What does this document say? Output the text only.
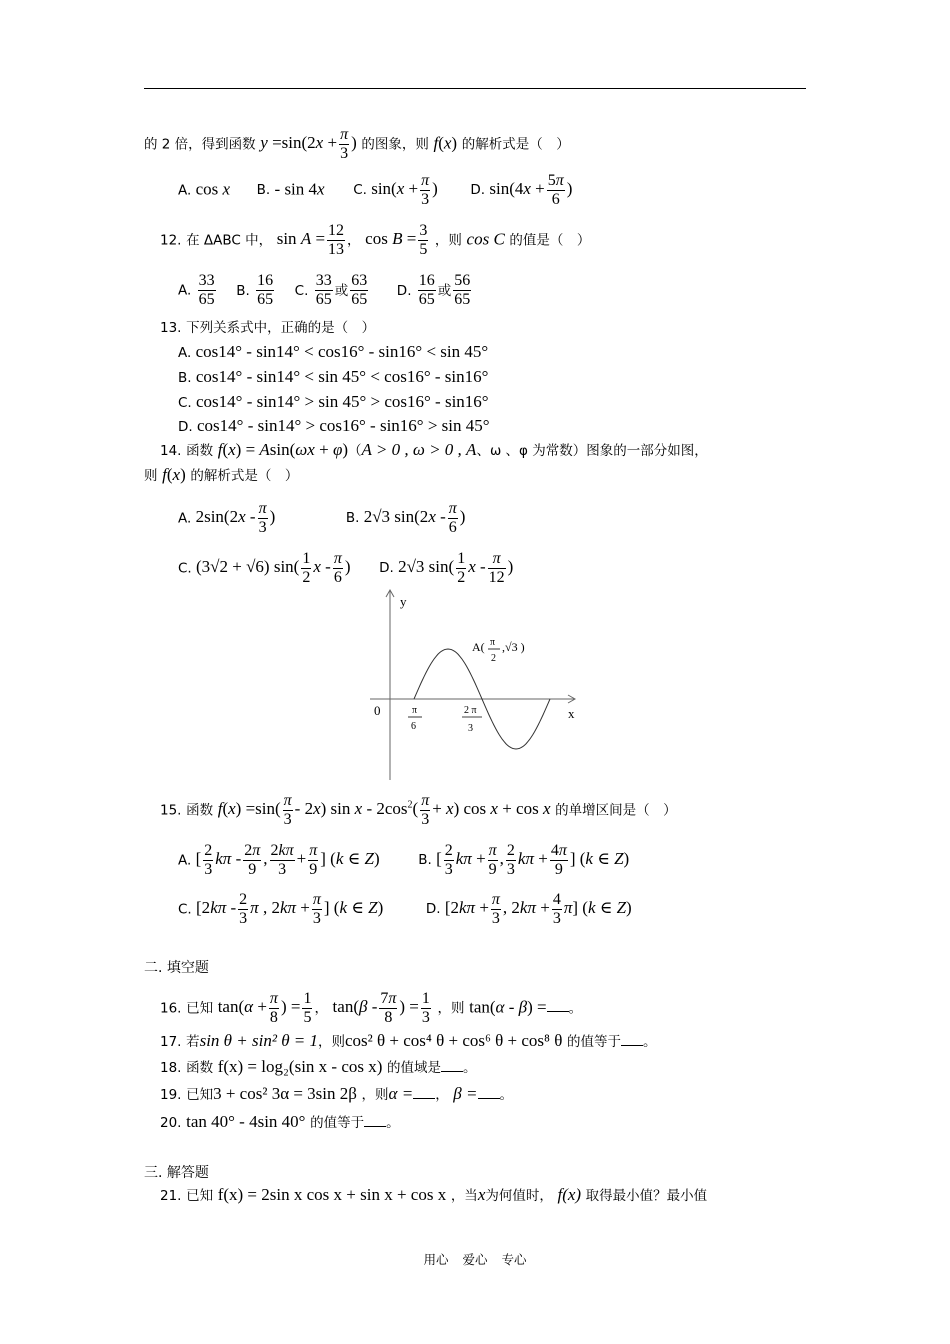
的 2 倍，得到函数 $y =\sin(2x + \frac{\pi}{3}$ ) 的图象，则 f(x) 的解析式是（　）
A. cos x B. - sin 4x C. $\sin(x + \frac{\pi}{3}$ ) D. $\sin(4x + \frac{5\pi}{6}$ )
12. 在 ΔABC 中， $\sin A = \frac{12}{13}$ ， $\cos B = \frac{3}{5}$ ，则 cos C 的值是（　）
A. $\frac{33}{65} B$. $\frac{16}{65} C$. $\frac{33}{65}$ 或 $\frac{63}{65} D$. $\frac{16}{65}$ 或 $\frac{56}{65}$
13. 下列关系式中，正确的是（　）
A. cos14° - sin14° < cos16° - sin16° < sin 45°
B. cos14° - sin14° < sin 45° < cos16° - sin16°
C. cos14° - sin14° > sin 45° > cos16° - sin16°
D. cos14° - sin14° > cos16° - sin16° > sin 45°
14. 函数 f(x) = Asin(ωx + φ)（A > 0 , ω > 0 , A、ω 、φ 为常数）图象的一部分如图，
则 f(x) 的解析式是（　）
A. $2\sin(2x - \frac{\pi}{3}$ )	B. 2√3 $\sin(2x - \frac{\pi}{6}$ )
C. (3√2 + √6) $\sin( \frac{1}{2}$ x - $\frac{\pi}{6}$ ) D. 2√3 $\sin( \frac{1}{2}$ x - $\frac{\pi}{12}$ )
y
x
0
A( π
2
,√3 )
π
6
2 π
3
15. 函数 $f(x) =\sin( \frac{\pi}{3} - 2x)$ $\sin x - 2\cos^2( \frac{\pi}{3} + x)$ cos x + cos x 的单增区间是（　）
A. [ $\frac{2}{3}$ kπ - $\frac{2\pi}{9}$ , $\frac{2k\pi}{3} + \frac{\pi}{9}$ ] (k ∈ Z)	B. [ $\frac{2}{3}$ $k\pi + \frac{\pi}{9}$ , $\frac{2}{3}$ $k\pi + \frac{4\pi}{9}$ ] (k ∈ Z)
C. [$2k\pi - \frac{2}{3}$ π , $2k\pi + \frac{\pi}{3}$ ] (k ∈ Z)	D. [$2k\pi + \frac{\pi}{3}$ , $2k\pi + \frac{4}{3} \pi$] (k ∈ Z)
二. 填空题
16. 已知 $\tan(\alpha + \frac{\pi}{8}$ ) = $\frac{1}{5}$ ， $\tan(\beta - \frac{7\pi}{8}$ ) = $\frac{1}{3}$ ，则 tan(α - β) = 。
17. 若sin θ + sin² θ = 1，则cos² θ + cos⁴ θ + cos⁶ θ + cos⁸ θ 的值等于 。
18. 函数 f(x) = log₂(sin x - cos x) 的值域是 。
19. 已知3 + cos² 3α = 3sin 2β ，则α = ， β = 。
20. tan 40° - 4sin 40° 的值等于 。
三. 解答题
21. 已知 f(x) = 2sin x cos x + sin x + cos x ，当x为何值时， f(x) 取得最小值？最小值
用心 爱心 专心
